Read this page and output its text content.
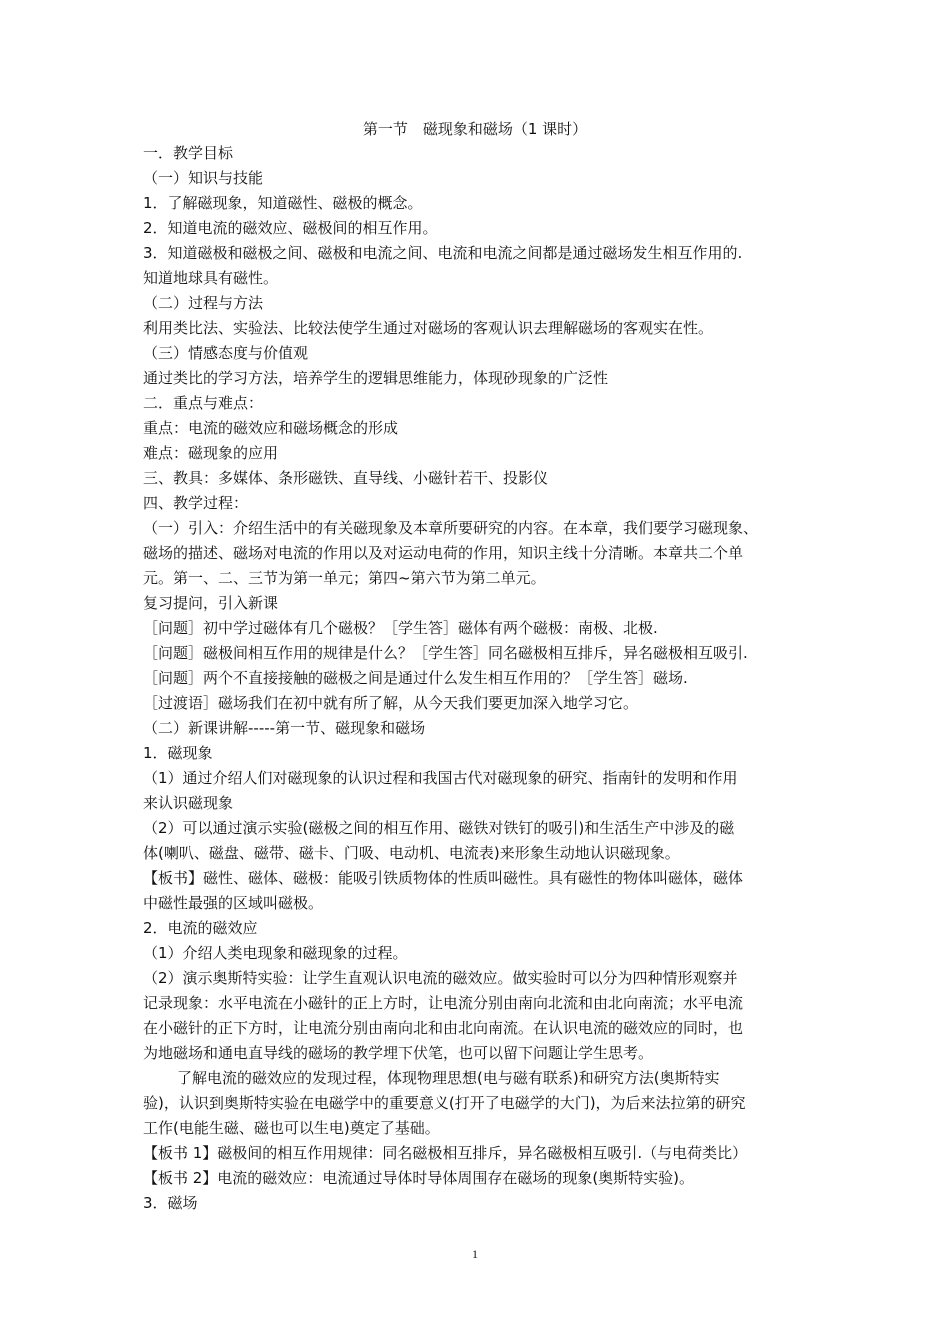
第一节　磁现象和磁场（1 课时）
一．教学目标
（一）知识与技能
1．了解磁现象，知道磁性、磁极的概念。
2．知道电流的磁效应、磁极间的相互作用。
3．知道磁极和磁极之间、磁极和电流之间、电流和电流之间都是通过磁场发生相互作用的.
知道地球具有磁性。
（二）过程与方法
利用类比法、实验法、比较法使学生通过对磁场的客观认识去理解磁场的客观实在性。
（三）情感态度与价值观
通过类比的学习方法，培养学生的逻辑思维能力，体现砂现象的广泛性
二．重点与难点：
重点：电流的磁效应和磁场概念的形成
难点：磁现象的应用
三、教具：多媒体、条形磁铁、直导线、小磁针若干、投影仪
四、教学过程：
（一）引入：介绍生活中的有关磁现象及本章所要研究的内容。在本章，我们要学习磁现象、
磁场的描述、磁场对电流的作用以及对运动电荷的作用，知识主线十分清晰。本章共二个单
元。第一、二、三节为第一单元；第四~第六节为第二单元。
复习提问，引入新课
［问题］初中学过磁体有几个磁极？［学生答］磁体有两个磁极：南极、北极.
［问题］磁极间相互作用的规律是什么？［学生答］同名磁极相互排斥，异名磁极相互吸引.
［问题］两个不直接接触的磁极之间是通过什么发生相互作用的？［学生答］磁场.
［过渡语］磁场我们在初中就有所了解，从今天我们要更加深入地学习它。
（二）新课讲解-----第一节、磁现象和磁场
1．磁现象
（1）通过介绍人们对磁现象的认识过程和我国古代对磁现象的研究、指南针的发明和作用
来认识磁现象
（2）可以通过演示实验(磁极之间的相互作用、磁铁对铁钉的吸引)和生活生产中涉及的磁
体(喇叭、磁盘、磁带、磁卡、门吸、电动机、电流表)来形象生动地认识磁现象。
【板书】磁性、磁体、磁极：能吸引铁质物体的性质叫磁性。具有磁性的物体叫磁体，磁体
中磁性最强的区域叫磁极。
2．电流的磁效应
（1）介绍人类电现象和磁现象的过程。
（2）演示奥斯特实验：让学生直观认识电流的磁效应。做实验时可以分为四种情形观察并
记录现象：水平电流在小磁针的正上方时，让电流分别由南向北流和由北向南流；水平电流
在小磁针的正下方时，让电流分别由南向北和由北向南流。在认识电流的磁效应的同时，也
为地磁场和通电直导线的磁场的教学埋下伏笔，也可以留下问题让学生思考。
了解电流的磁效应的发现过程，体现物理思想(电与磁有联系)和研究方法(奥斯特实
验)，认识到奥斯特实验在电磁学中的重要意义(打开了电磁学的大门)，为后来法拉第的研究
工作(电能生磁、磁也可以生电)奠定了基础。
【板书 1】磁极间的相互作用规律：同名磁极相互排斥，异名磁极相互吸引.（与电荷类比）
【板书 2】电流的磁效应：电流通过导体时导体周围存在磁场的现象(奥斯特实验)。
3．磁场
1
